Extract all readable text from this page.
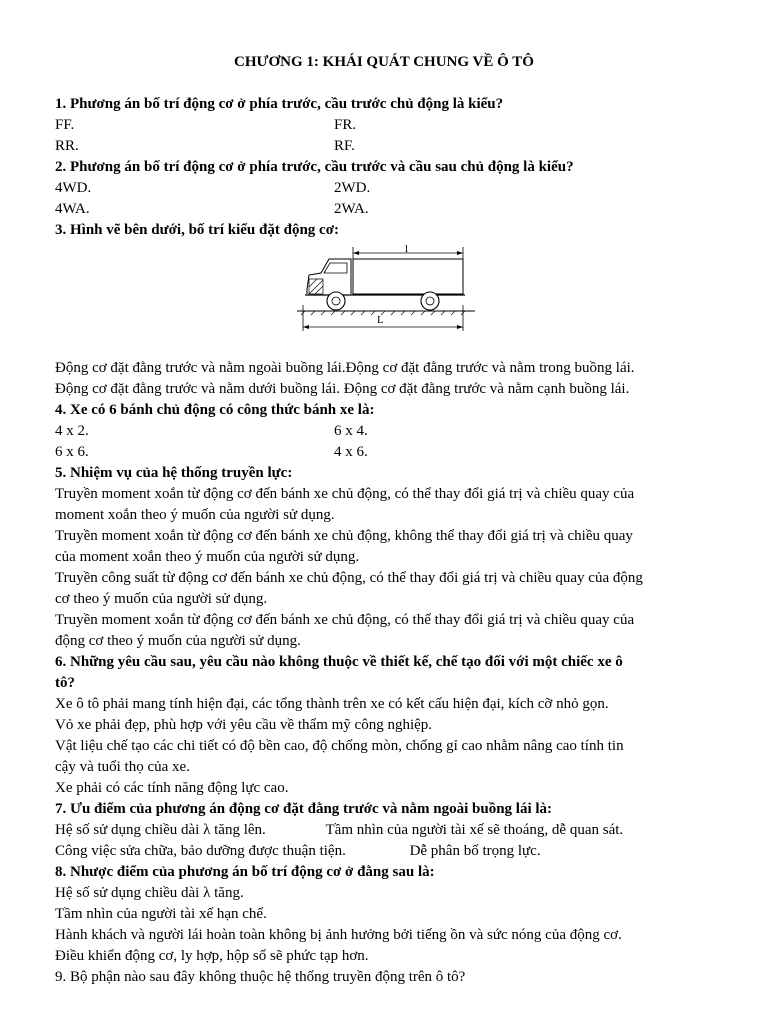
CHƯƠNG 1: KHÁI QUÁT CHUNG VỀ Ô TÔ
1. Phương án bố trí động cơ ở phía trước, cầu trước chủ động là kiểu?
FF.	FR.
RR.	RF.
2. Phương án bố trí động cơ ở phía trước, cầu trước và cầu sau chủ động là kiểu?
4WD.	2WD.
4WA.	2WA.
3. Hình vẽ bên dưới, bố trí kiểu đặt động cơ:
l
L
Động cơ đặt đằng trước và nằm ngoài buồng lái.Động cơ đặt đằng trước và nằm trong buồng lái.
Động cơ đặt đằng trước và nằm dưới buồng lái. Động cơ đặt đằng trước và nằm cạnh buồng lái.
4. Xe có 6 bánh chủ động có công thức bánh xe là:
4 x 2.	6 x 4.
6 x 6.	4 x 6.
5. Nhiệm vụ của hệ thống truyền lực:
Truyền moment xoắn từ động cơ đến bánh xe chủ động, có thể thay đổi giá trị và chiều quay của
moment xoắn theo ý muốn của người sử dụng.
Truyền moment xoắn từ động cơ đến bánh xe chủ động, không thể thay đổi giá trị và chiều quay
của moment xoắn theo ý muốn của người sử dụng.
Truyền công suất từ động cơ đến bánh xe chủ động, có thể thay đổi giá trị và chiều quay của động
cơ theo ý muốn của người sử dụng.
Truyền moment xoắn từ động cơ đến bánh xe chủ động, có thể thay đổi giá trị và chiều quay của
động cơ theo ý muốn của người sử dụng.
6. Những yêu cầu sau, yêu cầu nào không thuộc về thiết kế, chế tạo đối với một chiếc xe ô
tô?
Xe ô tô phải mang tính hiện đại, các tổng thành trên xe có kết cấu hiện đại, kích cỡ nhỏ gọn.
Vỏ xe phải đẹp, phù hợp với yêu cầu về thẩm mỹ công nghiệp.
Vật liệu chế tạo các chi tiết có độ bền cao, độ chống mòn, chống gỉ cao nhằm nâng cao tính tin
cậy và tuổi thọ của xe.
Xe phải có các tính năng động lực cao.
7. Ưu điểm của phương án động cơ đặt đằng trước và nằm ngoài buồng lái là:
Hệ số sử dụng chiều dài λ tăng lên.                Tầm nhìn của người tài xế sẽ thoáng, dễ quan sát.
Công việc sửa chữa, bảo dưỡng được thuận tiện.                 Dễ phân bố trọng lực.
8. Nhược điểm của phương án bố trí động cơ ở đằng sau là:
Hệ số sử dụng chiều dài λ tăng.
Tầm nhìn của người tài xế hạn chế.
Hành khách và người lái hoàn toàn không bị ảnh hưởng bởi tiếng ồn và sức nóng của động cơ.
Điều khiển động cơ, ly hợp, hộp số sẽ phức tạp hơn.
9. Bộ phận nào sau đây không thuộc hệ thống truyền động trên ô tô?
